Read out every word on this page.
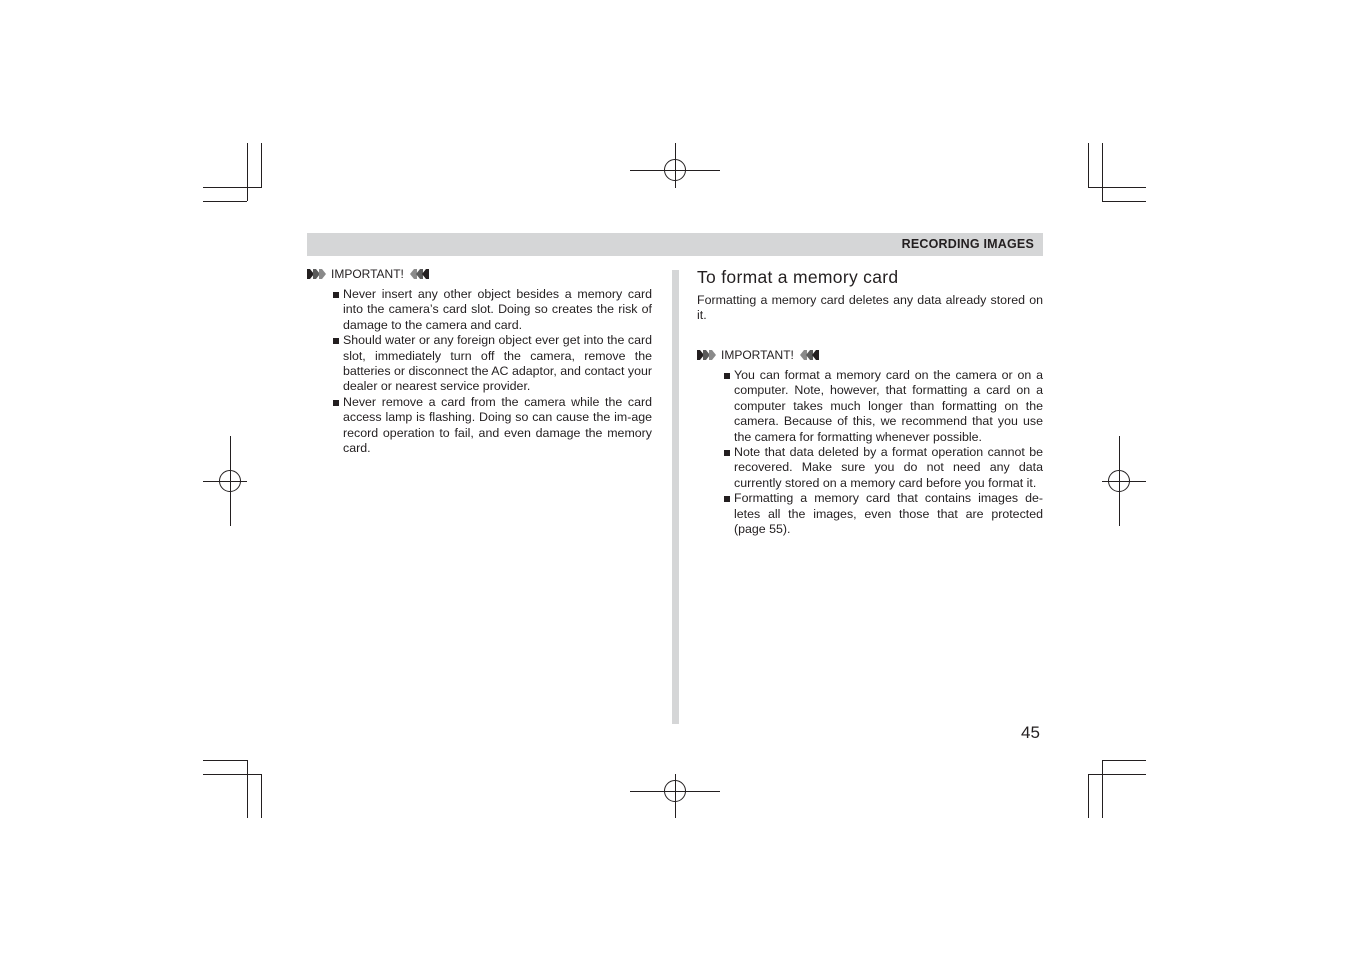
RECORDING IMAGES
IMPORTANT!
Never insert any other object besides a memory card into the camera’s card slot. Doing so creates the risk of damage to the camera and card.
Should water or any foreign object ever get into the card slot, immediately turn off the camera, remove the batteries or disconnect the AC adaptor, and contact your dealer or nearest service provider.
Never remove a card from the camera while the card access lamp is flashing. Doing so can cause the im-age record operation to fail, and even damage the memory card.
To format a memory card
Formatting a memory card deletes any data already stored on it.
IMPORTANT!
You can format a memory card on the camera or on a computer. Note, however, that formatting a card on a computer takes much longer than formatting on the camera. Because of this, we recommend that you use the camera for formatting whenever possible.
Note that data deleted by a format operation cannot be recovered. Make sure you do not need any data currently stored on a memory card before you format it.
Formatting a memory card that contains images de-letes all the images, even those that are protected (page 55).
45
